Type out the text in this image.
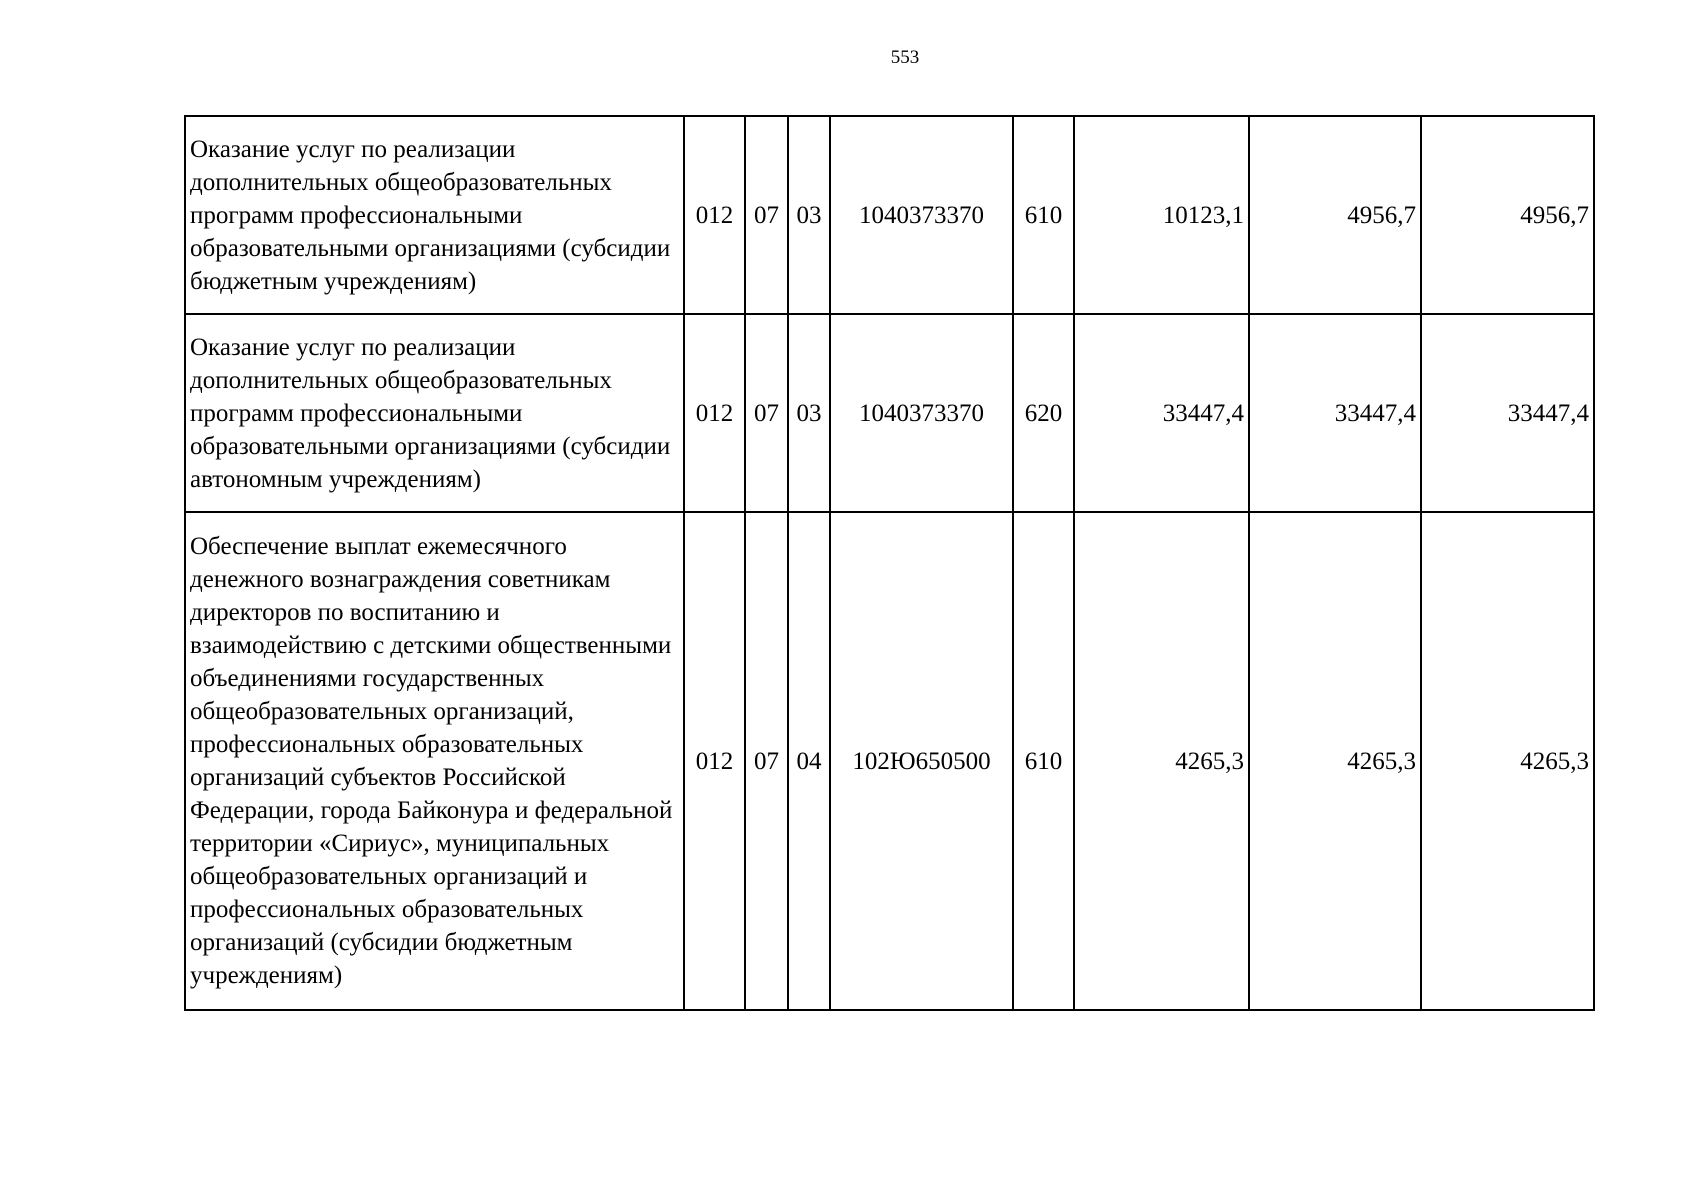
553
Оказание услуг по реализации дополнительных общеобразовательных программ профессиональными образовательными организациями (субсидии бюджетным учреждениям)	012	07	03	1040373370	610	10123,1	4956,7	4956,7
Оказание услуг по реализации дополнительных общеобразовательных программ профессиональными образовательными организациями (субсидии автономным учреждениям)	012	07	03	1040373370	620	33447,4	33447,4	33447,4
Обеспечение выплат ежемесячного денежного вознаграждения советникам директоров по воспитанию и взаимодействию с детскими общественными объединениями государственных общеобразовательных организаций, профессиональных образовательных организаций субъектов Российской Федерации, города Байконура и федеральной территории «Сириус», муниципальных общеобразовательных организаций и профессиональных образовательных организаций (субсидии бюджетным учреждениям)	012	07	04	102Ю650500	610	4265,3	4265,3	4265,3
